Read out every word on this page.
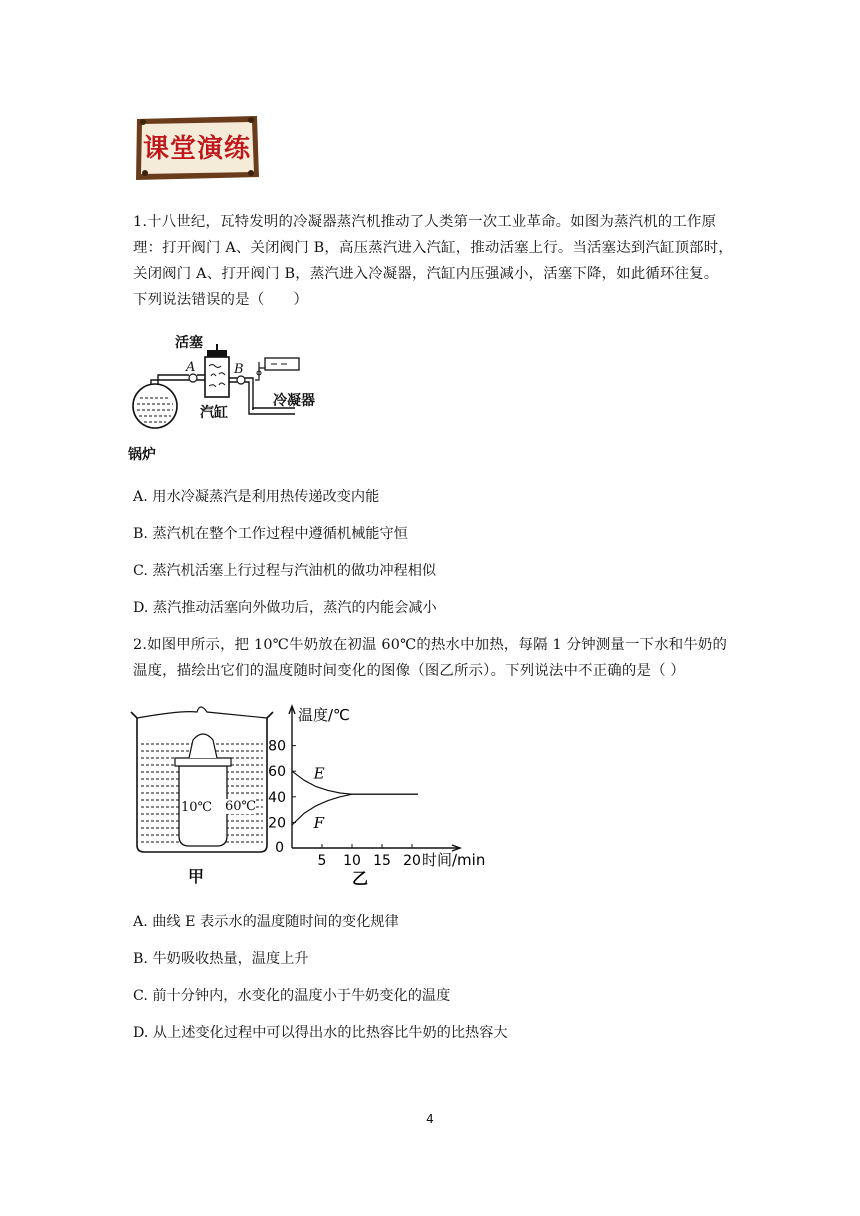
课堂演练
1.十八世纪，瓦特发明的冷凝器蒸汽机推动了人类第一次工业革命。如图为蒸汽机的工作原
理：打开阀门 A、关闭阀门 B，高压蒸汽进入汽缸，推动活塞上行。当活塞达到汽缸顶部时，
关闭阀门 A、打开阀门 B，蒸汽进入冷凝器，汽缸内压强减小，活塞下降，如此循环往复。
下列说法错误的是（　　）
活塞
A	B
汽缸
冷凝器
锅炉
A. 用水冷凝蒸汽是利用热传递改变内能
B. 蒸汽机在整个工作过程中遵循机械能守恒
C. 蒸汽机活塞上行过程与汽油机的做功冲程相似
D. 蒸汽推动活塞向外做功后，蒸汽的内能会减小
2.如图甲所示，把 10℃牛奶放在初温 60℃的热水中加热，每隔 1 分钟测量一下水和牛奶的
温度，描绘出它们的温度随时间变化的图像（图乙所示）。下列说法中不正确的是（ ）
10℃ 60℃
甲
80
60
40
20
5 10 15 20
0
温度/℃
时间/min
乙
E
F
A. 曲线 E 表示水的温度随时间的变化规律
B. 牛奶吸收热量，温度上升
C. 前十分钟内，水变化的温度小于牛奶变化的温度
D. 从上述变化过程中可以得出水的比热容比牛奶的比热容大
4
